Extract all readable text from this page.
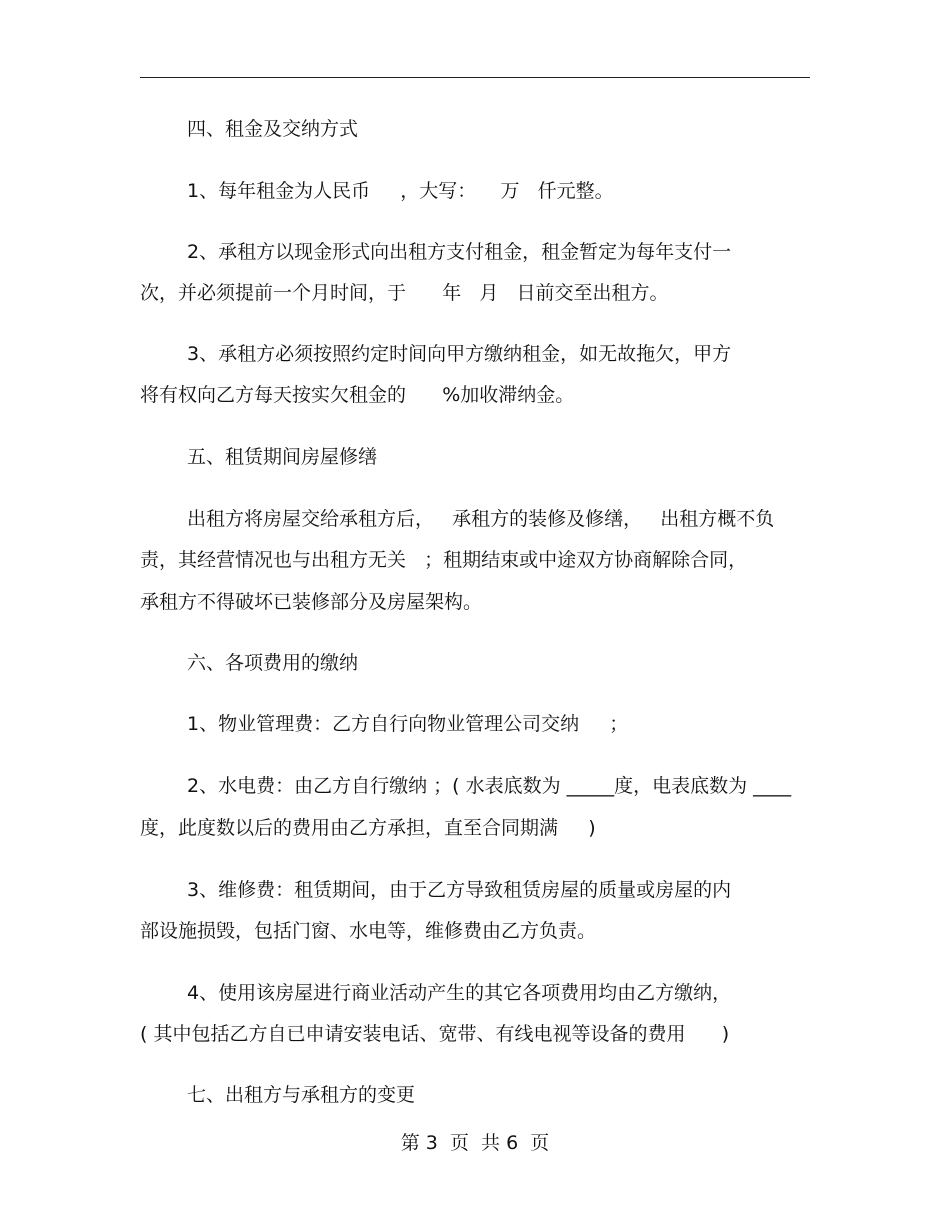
四、租金及交纳方式

1、每年租金为人民币     ，大写：    万   仟元整。

2、承租方以现金形式向出租方支付租金，租金暂定为每年支付一

次，并必须提前一个月时间，于      年   月   日前交至出租方。

3、承租方必须按照约定时间向甲方缴纳租金，如无故拖欠，甲方

将有权向乙方每天按实欠租金的      %加收滞纳金。

五、租赁期间房屋修缮

出租方将房屋交给承租方后，   承租方的装修及修缮，   出租方概不负

责，其经营情况也与出租方无关   ；租期结束或中途双方协商解除合同，

承租方不得破坏已装修部分及房屋架构。

六、各项费用的缴纳

1、物业管理费：乙方自行向物业管理公司交纳     ；

2、水电费：由乙方自行缴纳 ；( 水表底数为 _____度，电表底数为 ____

度，此度数以后的费用由乙方承担，直至合同期满     )

3、维修费：租赁期间，由于乙方导致租赁房屋的质量或房屋的内

部设施损毁，包括门窗、水电等，维修费由乙方负责。

4、使用该房屋进行商业活动产生的其它各项费用均由乙方缴纳，

( 其中包括乙方自已申请安装电话、宽带、有线电视等设备的费用      )

七、出租方与承租方的变更

第 3  页  共 6  页
